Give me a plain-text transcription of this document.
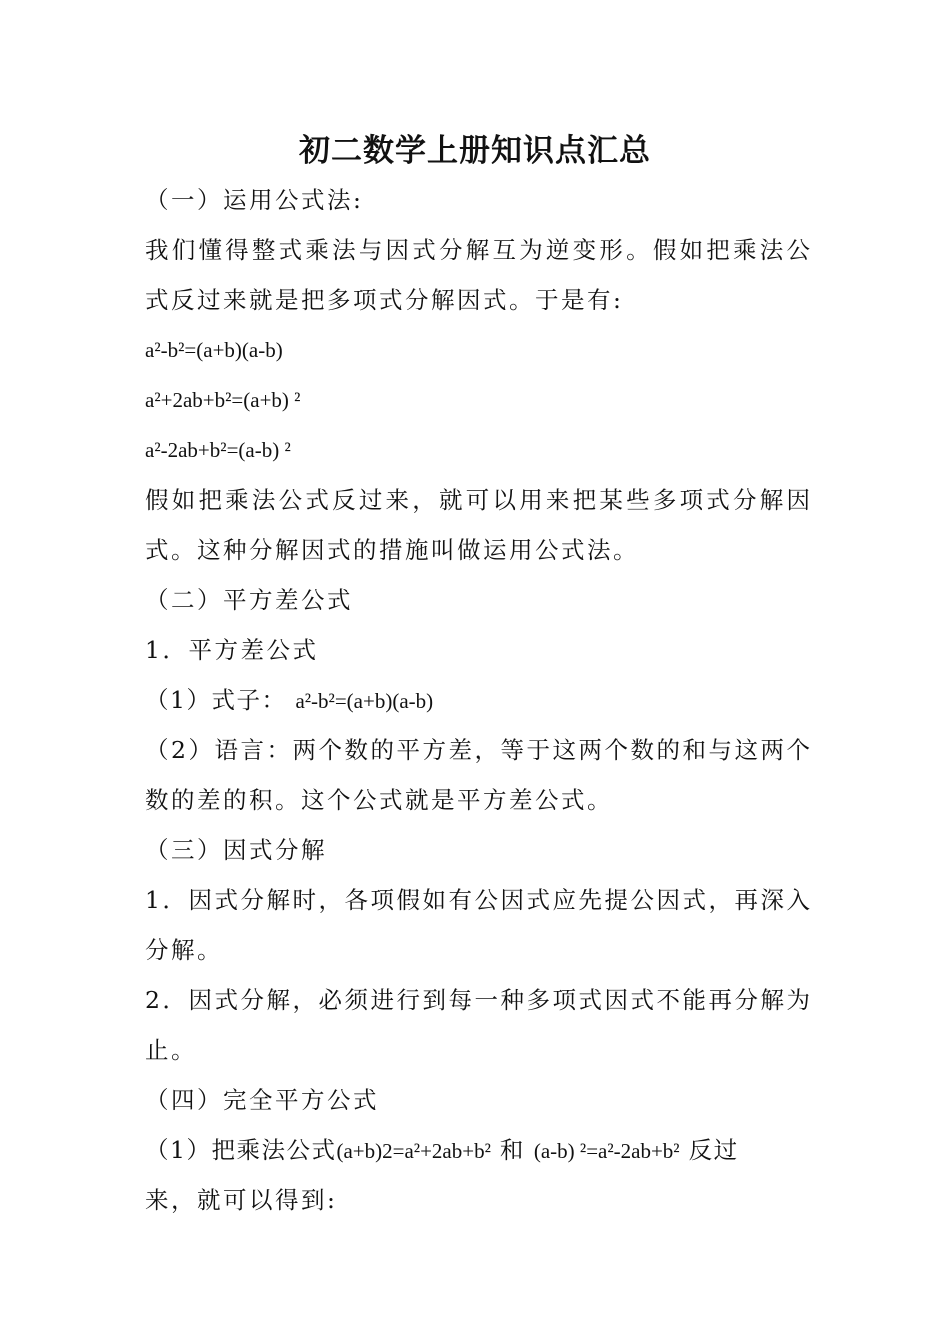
初二数学上册知识点汇总
（一）运用公式法:
我们懂得整式乘法与因式分解互为逆变形。假如把乘法公
式反过来就是把多项式分解因式。于是有:
a²-b²=(a+b)(a-b)
a²+2ab+b²=(a+b) ²
a²-2ab+b²=(a-b) ²
假如把乘法公式反过来，就可以用来把某些多项式分解因
式。这种分解因式的措施叫做运用公式法。
（二）平方差公式
1．平方差公式
（1）式子： a²-b²=(a+b)(a-b)
（2）语言：两个数的平方差，等于这两个数的和与这两个
数的差的积。这个公式就是平方差公式。
（三）因式分解
1．因式分解时，各项假如有公因式应先提公因式，再深入
分解。
2．因式分解，必须进行到每一种多项式因式不能再分解为
止。
（四）完全平方公式
（1）把乘法公式(a+b)2=a²+2ab+b² 和 (a-b) ²=a²-2ab+b² 反过
来，就可以得到:
